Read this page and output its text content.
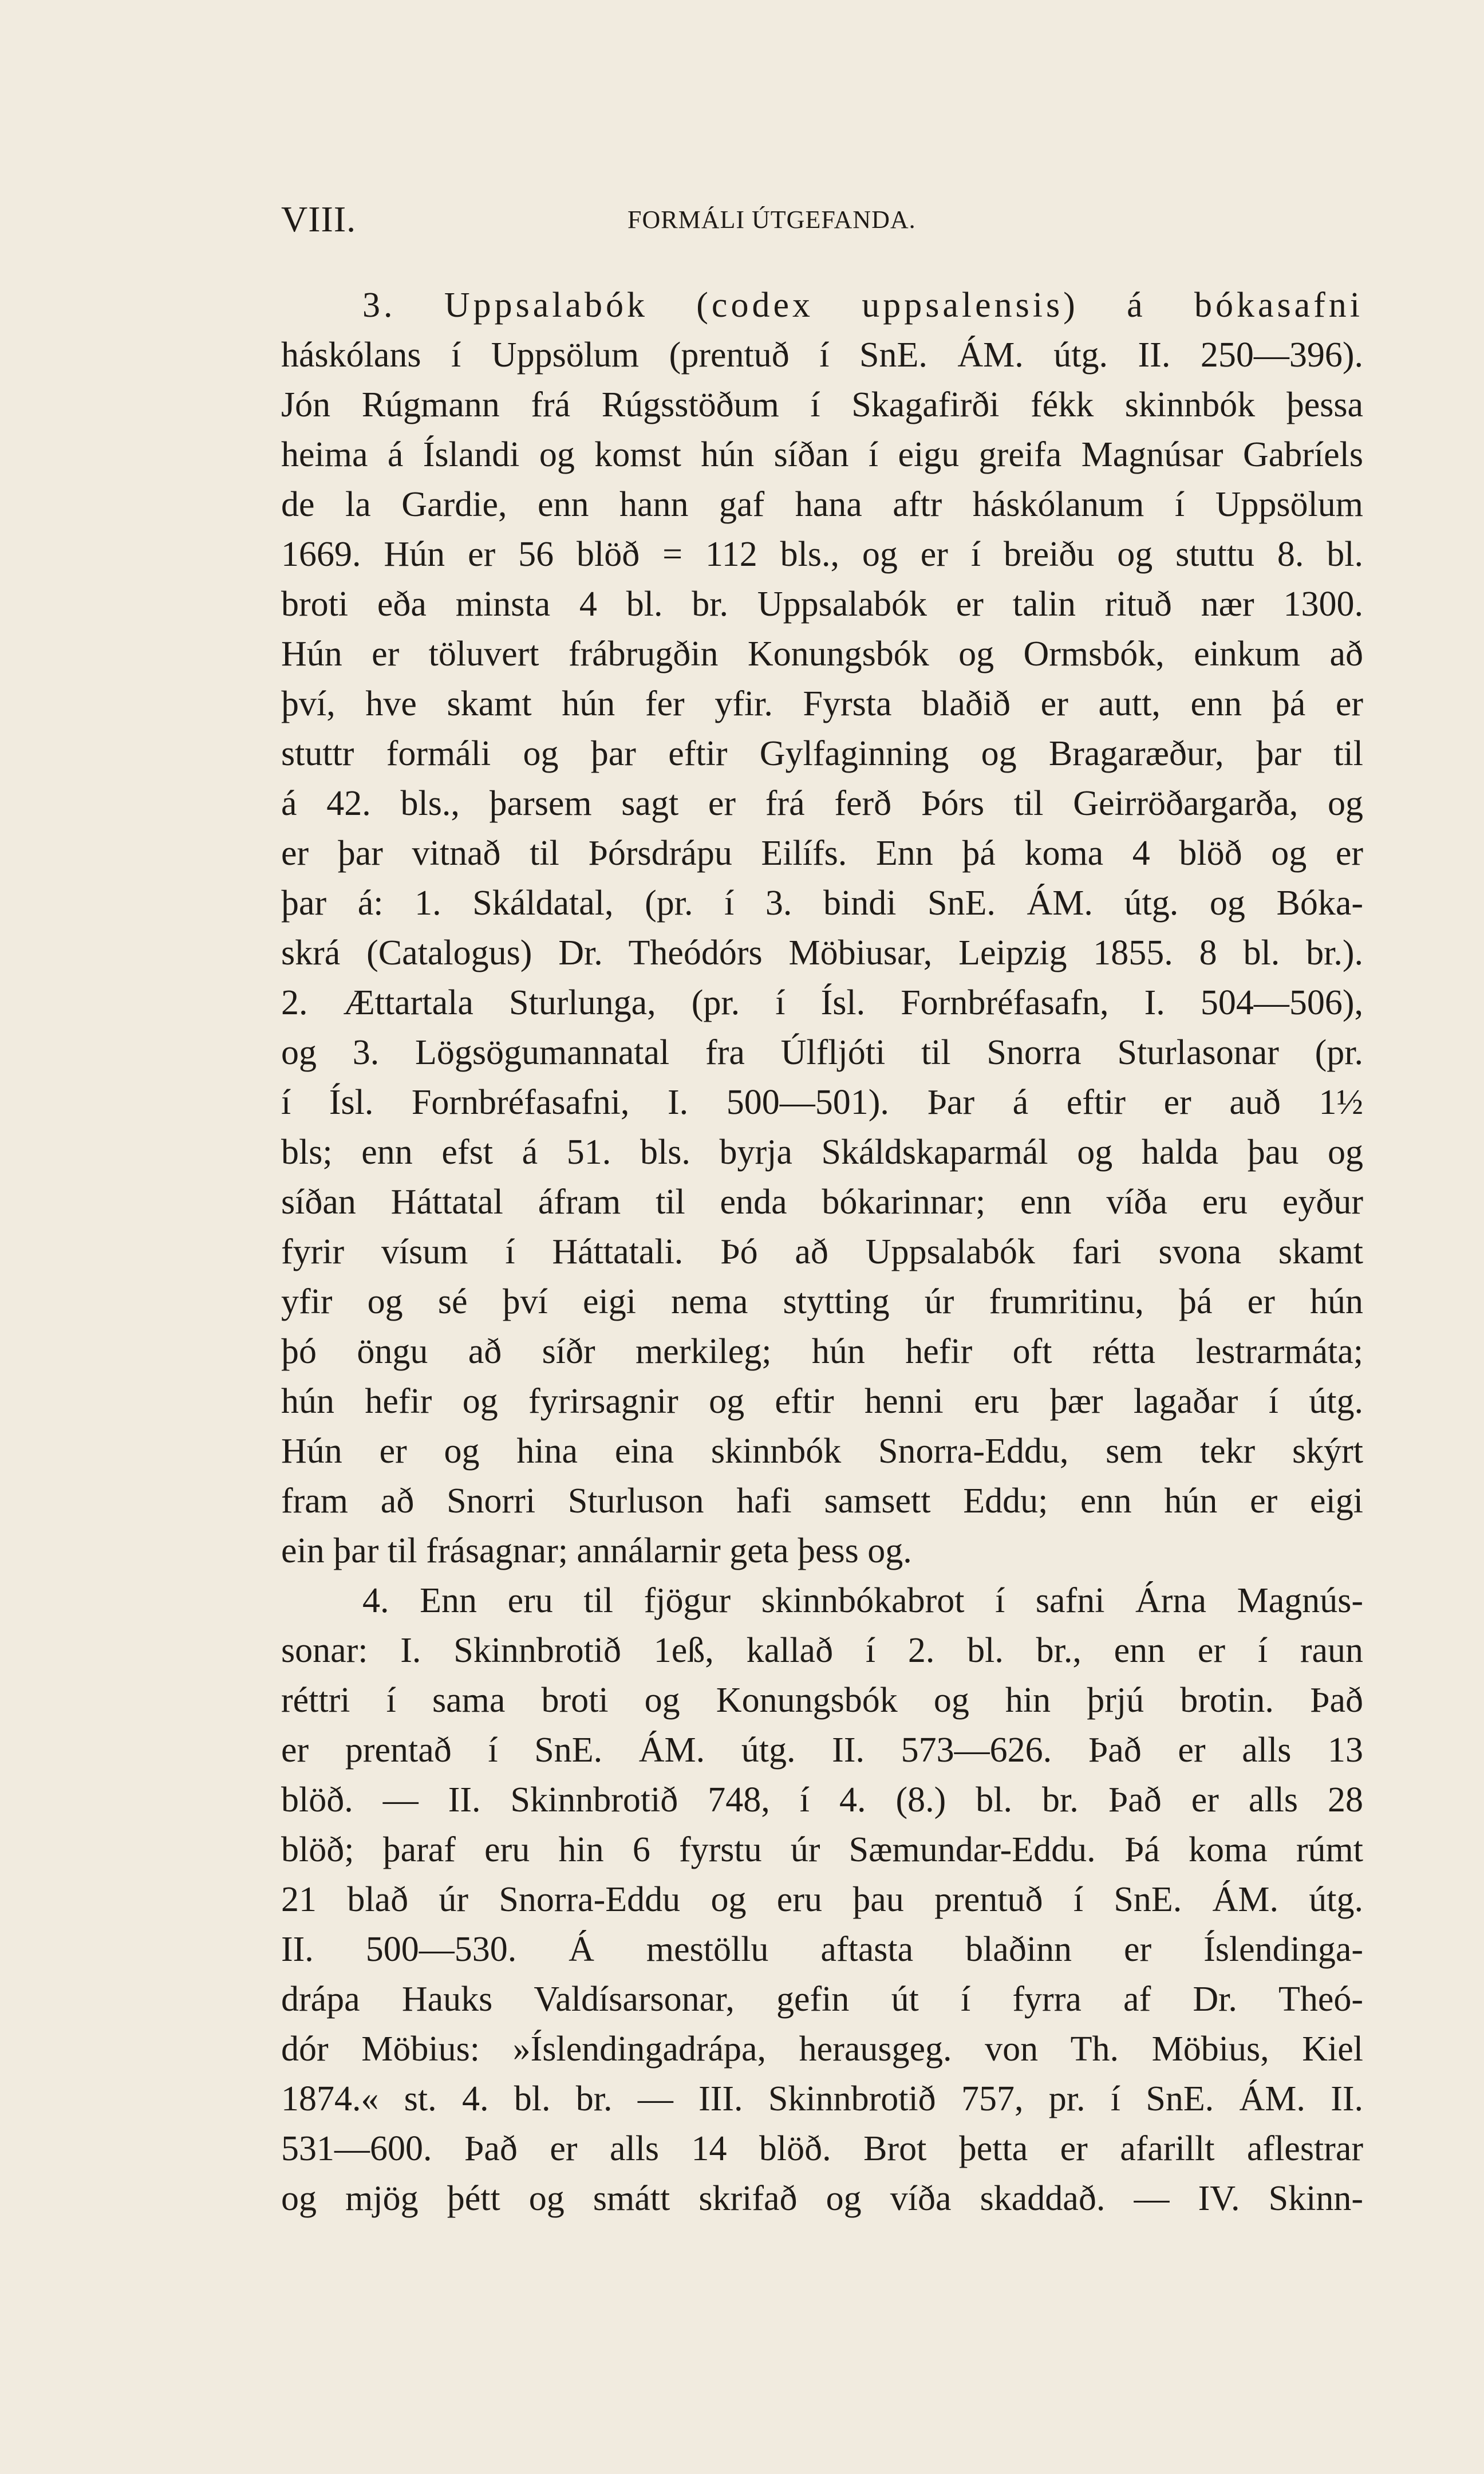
VIII.	FORMÁLI ÚTGEFANDA.
3. Uppsalabók (codex uppsalensis) á bókasafni
háskólans í Uppsölum (prentuð í SnE. ÁM. útg. II. 250—396).
Jón Rúgmann frá Rúgsstöðum í Skagafirði fékk skinnbók þessa
heima á Íslandi og komst hún síðan í eigu greifa Magnúsar Gabríels
de la Gardie, enn hann gaf hana aftr háskólanum í Uppsölum
1669. Hún er 56 blöð = 112 bls., og er í breiðu og stuttu 8. bl.
broti eða minsta 4 bl. br. Uppsalabók er talin rituð nær 1300.
Hún er töluvert frábrugðin Konungsbók og Ormsbók, einkum að
því, hve skamt hún fer yfir. Fyrsta blaðið er autt, enn þá er
stuttr formáli og þar eftir Gylfaginning og Bragaræður, þar til
á 42. bls., þarsem sagt er frá ferð Þórs til Geirröðargarða, og
er þar vitnað til Þórsdrápu Eilífs. Enn þá koma 4 blöð og er
þar á: 1. Skáldatal, (pr. í 3. bindi SnE. ÁM. útg. og Bóka-
skrá (Catalogus) Dr. Theódórs Möbiusar, Leipzig 1855. 8 bl. br.).
2. Ættartala Sturlunga, (pr. í Ísl. Fornbréfasafn, I. 504—506),
og 3. Lögsögumannatal fra Úlfljóti til Snorra Sturlasonar (pr.
í Ísl. Fornbréfasafni, I. 500—501). Þar á eftir er auð 1½
bls; enn efst á 51. bls. byrja Skáldskaparmál og halda þau og
síðan Háttatal áfram til enda bókarinnar; enn víða eru eyður
fyrir vísum í Háttatali. Þó að Uppsalabók fari svona skamt
yfir og sé því eigi nema stytting úr frumritinu, þá er hún
þó öngu að síðr merkileg; hún hefir oft rétta lestrarmáta;
hún hefir og fyrirsagnir og eftir henni eru þær lagaðar í útg.
Hún er og hina eina skinnbók Snorra-Eddu, sem tekr skýrt
fram að Snorri Sturluson hafi samsett Eddu; enn hún er eigi
ein þar til frásagnar; annálarnir geta þess og.
4. Enn eru til fjögur skinnbókabrot í safni Árna Magnús-
sonar: I. Skinnbrotið 1eß, kallað í 2. bl. br., enn er í raun
réttri í sama broti og Konungsbók og hin þrjú brotin. Það
er prentað í SnE. ÁM. útg. II. 573—626. Það er alls 13
blöð. — II. Skinnbrotið 748, í 4. (8.) bl. br. Það er alls 28
blöð; þaraf eru hin 6 fyrstu úr Sæmundar-Eddu. Þá koma rúmt
21 blað úr Snorra-Eddu og eru þau prentuð í SnE. ÁM. útg.
II. 500—530. Á mestöllu aftasta blaðinn er Íslendinga-
drápa Hauks Valdísarsonar, gefin út í fyrra af Dr. Theó-
dór Möbius: »Íslendingadrápa, herausgeg. von Th. Möbius, Kiel
1874.« st. 4. bl. br. — III. Skinnbrotið 757, pr. í SnE. ÁM. II.
531—600. Það er alls 14 blöð. Brot þetta er afarillt aflestrar
og mjög þétt og smátt skrifað og víða skaddað. — IV. Skinn-
